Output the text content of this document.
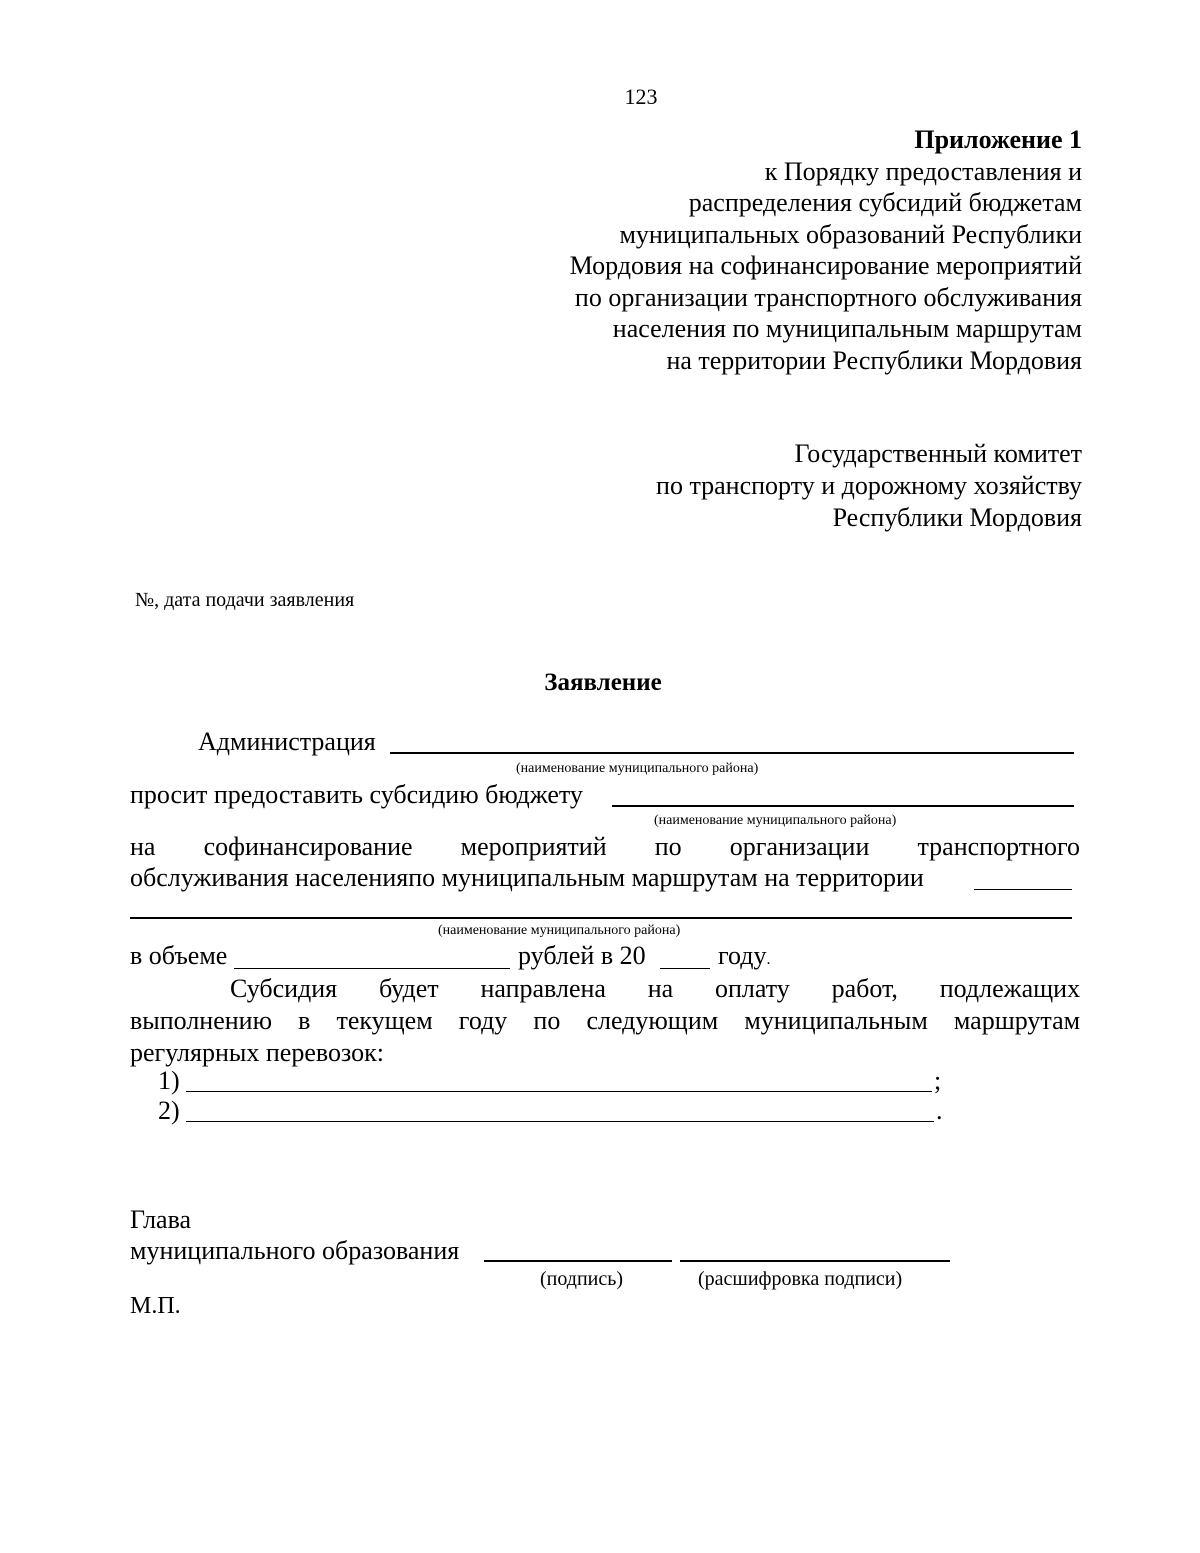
123
Приложение 1
к Порядку предоставления и
распределения субсидий бюджетам
муниципальных образований Республики
Мордовия на софинансирование мероприятий
по организации транспортного обслуживания
населения по муниципальным маршрутам
на территории Республики Мордовия
Государственный комитет
по транспорту и дорожному хозяйству
Республики Мордовия
№, дата подачи заявления
Заявление
Администрация
(наименование муниципального района)
просит предоставить субсидию бюджету
(наименование муниципального района)
на софинансирование мероприятий по организации транспортного
обслуживания населенияпо муниципальным маршрутам на территории
(наименование муниципального района)
в объеме	рублей в 20	году.
Субсидия будет направлена на оплату работ, подлежащих
выполнению в текущем году по следующим муниципальным маршрутам
регулярных перевозок:
1)	;
2)	.
Глава
муниципального образования
(подпись)	(расшифровка подписи)
М.П.
